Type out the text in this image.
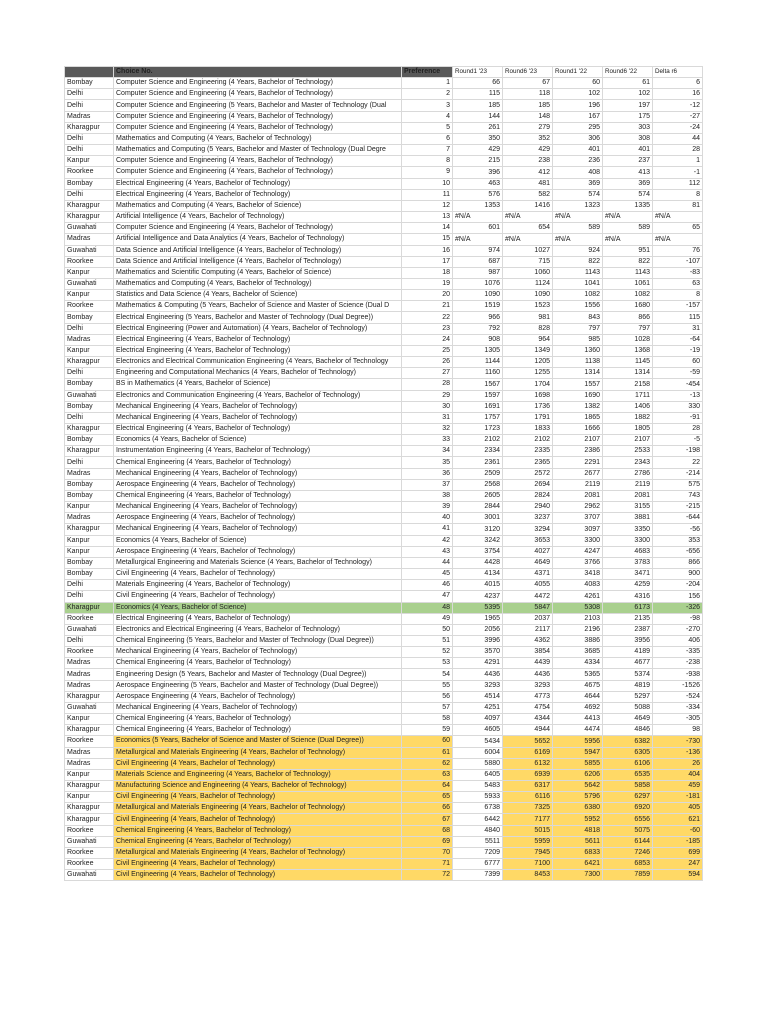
	Choice No.	Preference	Round1 '23	Round6 '23	Round1 '22	Round6 '22	Delta r6
Bombay	Computer Science and Engineering (4 Years, Bachelor of Technology)	1	66	67	60	61	6
Delhi	Computer Science and Engineering (4 Years, Bachelor of Technology)	2	115	118	102	102	16
Delhi	Computer Science and Engineering (5 Years, Bachelor and Master of Technology (Dual	3	185	185	196	197	-12
Madras	Computer Science and Engineering (4 Years, Bachelor of Technology)	4	144	148	167	175	-27
Kharagpur	Computer Science and Engineering (4 Years, Bachelor of Technology)	5	261	279	295	303	-24
Delhi	Mathematics and Computing (4 Years, Bachelor of Technology)	6	350	352	306	308	44
Delhi	Mathematics and Computing (5 Years, Bachelor and Master of Technology (Dual Degre	7	429	429	401	401	28
Kanpur	Computer Science and Engineering (4 Years, Bachelor of Technology)	8	215	238	236	237	1
Roorkee	Computer Science and Engineering (4 Years, Bachelor of Technology)	9	396	412	408	413	-1
Bombay	Electrical Engineering (4 Years, Bachelor of Technology)	10	463	481	369	369	112
Delhi	Electrical Engineering (4 Years, Bachelor of Technology)	11	576	582	574	574	8
Kharagpur	Mathematics and Computing (4 Years, Bachelor of Science)	12	1353	1416	1323	1335	81
Kharagpur	Artificial Intelligence (4 Years, Bachelor of Technology)	13	#N/A	#N/A	#N/A	#N/A	#N/A
Guwahati	Computer Science and Engineering (4 Years, Bachelor of Technology)	14	601	654	589	589	65
Madras	Artificial Intelligence and Data Analytics (4 Years, Bachelor of Technology)	15	#N/A	#N/A	#N/A	#N/A	#N/A
Guwahati	Data Science and Artificial Intelligence (4 Years, Bachelor of Technology)	16	974	1027	924	951	76
Roorkee	Data Science and Artificial Intelligence (4 Years, Bachelor of Technology)	17	687	715	822	822	-107
Kanpur	Mathematics and Scientific Computing (4 Years, Bachelor of Science)	18	987	1060	1143	1143	-83
Guwahati	Mathematics and Computing (4 Years, Bachelor of Technology)	19	1076	1124	1041	1061	63
Kanpur	Statistics and Data Science (4 Years, Bachelor of Science)	20	1090	1090	1082	1082	8
Roorkee	Mathematics & Computing (5 Years, Bachelor of Science and Master of Science (Dual D	21	1519	1523	1556	1680	-157
Bombay	Electrical Engineering (5 Years, Bachelor and Master of Technology (Dual Degree))	22	966	981	843	866	115
Delhi	Electrical Engineering (Power and Automation) (4 Years, Bachelor of Technology)	23	792	828	797	797	31
Madras	Electrical Engineering (4 Years, Bachelor of Technology)	24	908	964	985	1028	-64
Kanpur	Electrical Engineering (4 Years, Bachelor of Technology)	25	1305	1349	1360	1368	-19
Kharagpur	Electronics and Electrical Communication Engineering (4 Years, Bachelor of Technology	26	1144	1205	1138	1145	60
Delhi	Engineering and Computational Mechanics (4 Years, Bachelor of Technology)	27	1160	1255	1314	1314	-59
Bombay	BS in Mathematics (4 Years, Bachelor of Science)	28	1567	1704	1557	2158	-454
Guwahati	Electronics and Communication Engineering (4 Years, Bachelor of Technology)	29	1597	1698	1690	1711	-13
Bombay	Mechanical Engineering (4 Years, Bachelor of Technology)	30	1691	1736	1382	1406	330
Delhi	Mechanical Engineering (4 Years, Bachelor of Technology)	31	1757	1791	1865	1882	-91
Kharagpur	Electrical Engineering (4 Years, Bachelor of Technology)	32	1723	1833	1666	1805	28
Bombay	Economics (4 Years, Bachelor of Science)	33	2102	2102	2107	2107	-5
Kharagpur	Instrumentation Engineering (4 Years, Bachelor of Technology)	34	2334	2335	2386	2533	-198
Delhi	Chemical Engineering (4 Years, Bachelor of Technology)	35	2361	2365	2291	2343	22
Madras	Mechanical Engineering (4 Years, Bachelor of Technology)	36	2509	2572	2677	2786	-214
Bombay	Aerospace Engineering (4 Years, Bachelor of Technology)	37	2568	2694	2119	2119	575
Bombay	Chemical Engineering (4 Years, Bachelor of Technology)	38	2605	2824	2081	2081	743
Kanpur	Mechanical Engineering (4 Years, Bachelor of Technology)	39	2844	2940	2962	3155	-215
Madras	Aerospace Engineering (4 Years, Bachelor of Technology)	40	3001	3237	3707	3881	-644
Kharagpur	Mechanical Engineering (4 Years, Bachelor of Technology)	41	3120	3294	3097	3350	-56
Kanpur	Economics (4 Years, Bachelor of Science)	42	3242	3653	3300	3300	353
Kanpur	Aerospace Engineering (4 Years, Bachelor of Technology)	43	3754	4027	4247	4683	-656
Bombay	Metallurgical Engineering and Materials Science (4 Years, Bachelor of Technology)	44	4428	4649	3766	3783	866
Bombay	Civil Engineering (4 Years, Bachelor of Technology)	45	4134	4371	3418	3471	900
Delhi	Materials Engineering (4 Years, Bachelor of Technology)	46	4015	4055	4083	4259	-204
Delhi	Civil Engineering (4 Years, Bachelor of Technology)	47	4237	4472	4261	4316	156
Kharagpur	Economics (4 Years, Bachelor of Science)	48	5395	5847	5308	6173	-326
Roorkee	Electrical Engineering (4 Years, Bachelor of Technology)	49	1965	2037	2103	2135	-98
Guwahati	Electronics and Electrical Engineering (4 Years, Bachelor of Technology)	50	2056	2117	2196	2387	-270
Delhi	Chemical Engineering (5 Years, Bachelor and Master of Technology (Dual Degree))	51	3996	4362	3886	3956	406
Roorkee	Mechanical Engineering (4 Years, Bachelor of Technology)	52	3570	3854	3685	4189	-335
Madras	Chemical Engineering (4 Years, Bachelor of Technology)	53	4291	4439	4334	4677	-238
Madras	Engineering Design (5 Years, Bachelor and Master of Technology (Dual Degree))	54	4436	4436	5365	5374	-938
Madras	Aerospace Engineering (5 Years, Bachelor and Master of Technology (Dual Degree))	55	3293	3293	4675	4819	-1526
Kharagpur	Aerospace Engineering (4 Years, Bachelor of Technology)	56	4514	4773	4644	5297	-524
Guwahati	Mechanical Engineering (4 Years, Bachelor of Technology)	57	4251	4754	4692	5088	-334
Kanpur	Chemical Engineering (4 Years, Bachelor of Technology)	58	4097	4344	4413	4649	-305
Kharagpur	Chemical Engineering (4 Years, Bachelor of Technology)	59	4605	4944	4474	4846	98
Roorkee	Economics (5 Years, Bachelor of Science and Master of Science (Dual Degree))	60	5434	5652	5956	6382	-730
Madras	Metallurgical and Materials Engineering (4 Years, Bachelor of Technology)	61	6004	6169	5947	6305	-136
Madras	Civil Engineering (4 Years, Bachelor of Technology)	62	5880	6132	5855	6106	26
Kanpur	Materials Science and Engineering (4 Years, Bachelor of Technology)	63	6405	6939	6206	6535	404
Kharagpur	Manufacturing Science and Engineering (4 Years, Bachelor of Technology)	64	5483	6317	5642	5858	459
Kanpur	Civil Engineering (4 Years, Bachelor of Technology)	65	5933	6116	5796	6297	-181
Kharagpur	Metallurgical and Materials Engineering (4 Years, Bachelor of Technology)	66	6738	7325	6380	6920	405
Kharagpur	Civil Engineering (4 Years, Bachelor of Technology)	67	6442	7177	5952	6556	621
Roorkee	Chemical Engineering (4 Years, Bachelor of Technology)	68	4840	5015	4818	5075	-60
Guwahati	Chemical Engineering (4 Years, Bachelor of Technology)	69	5511	5959	5611	6144	-185
Roorkee	Metallurgical and Materials Engineering (4 Years, Bachelor of Technology)	70	7209	7945	6833	7246	699
Roorkee	Civil Engineering (4 Years, Bachelor of Technology)	71	6777	7100	6421	6853	247
Guwahati	Civil Engineering (4 Years, Bachelor of Technology)	72	7399	8453	7300	7859	594
